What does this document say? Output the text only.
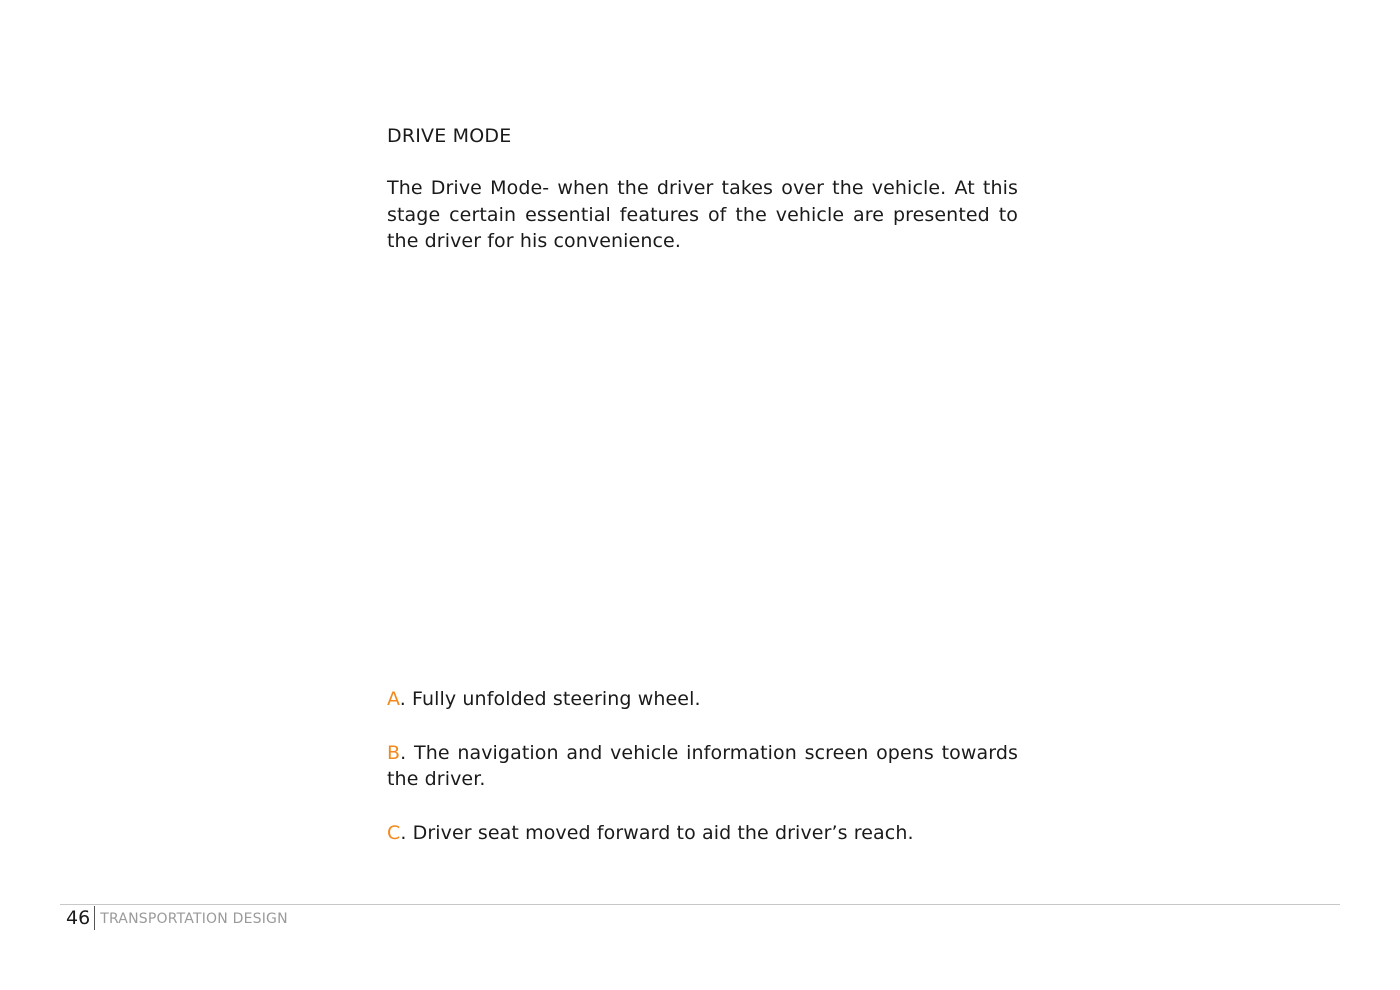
DRIVE MODE

The Drive Mode- when the driver takes over the vehicle. At this stage certain essential features of the vehicle are presented to the driver for his convenience.

A. Fully unfolded steering wheel.

B. The navigation and vehicle information screen opens towards the driver.

C. Driver seat moved forward to aid the driver’s reach.

46 TRANSPORTATION DESIGN
